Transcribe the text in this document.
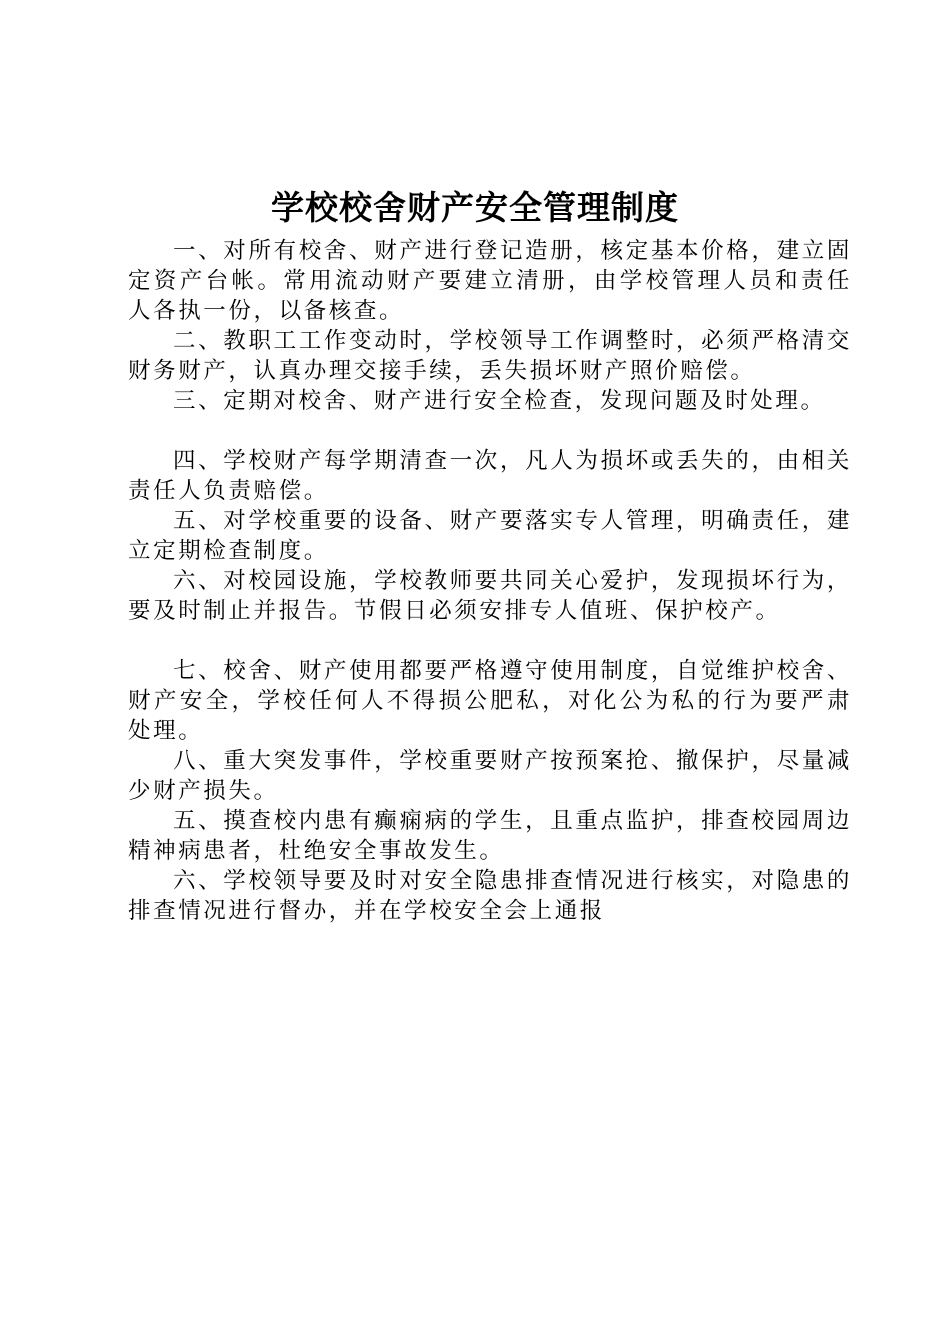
学校校舍财产安全管理制度

一、对所有校舍、财产进行登记造册，核定基本价格，建立固定资产台帐。常用流动财产要建立清册，由学校管理人员和责任人各执一份，以备核查。

二、教职工工作变动时，学校领导工作调整时，必须严格清交财务财产，认真办理交接手续，丢失损坏财产照价赔偿。

三、定期对校舍、财产进行安全检查，发现问题及时处理。

四、学校财产每学期清查一次，凡人为损坏或丢失的，由相关责任人负责赔偿。

五、对学校重要的设备、财产要落实专人管理，明确责任，建立定期检查制度。

六、对校园设施，学校教师要共同关心爱护，发现损坏行为，要及时制止并报告。节假日必须安排专人值班、保护校产。

七、校舍、财产使用都要严格遵守使用制度，自觉维护校舍、财产安全，学校任何人不得损公肥私，对化公为私的行为要严肃处理。

八、重大突发事件，学校重要财产按预案抢、撤保护，尽量减少财产损失。

五、摸查校内患有癫痫病的学生，且重点监护，排查校园周边精神病患者，杜绝安全事故发生。

六、学校领导要及时对安全隐患排查情况进行核实，对隐患的排查情况进行督办，并在学校安全会上通报
